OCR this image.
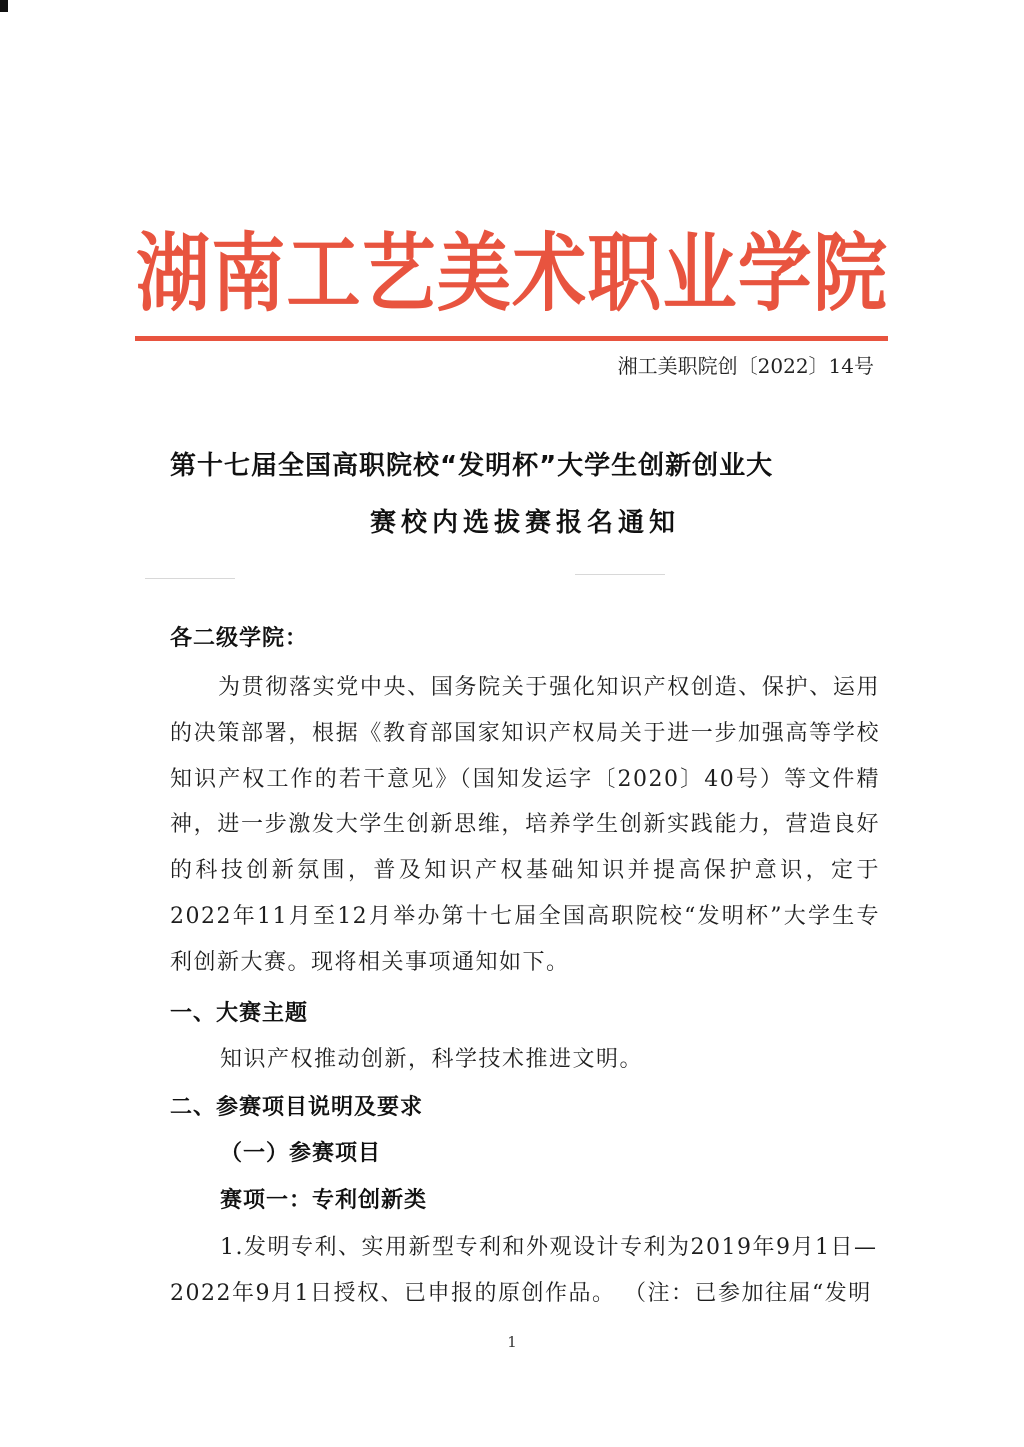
湖南工艺美术职业学院
湘工美职院创〔2022〕14号
第十七届全国高职院校“发明杯”大学生创新创业大
赛校内选拔赛报名通知
各二级学院：
为贯彻落实党中央、国务院关于强化知识产权创造、保护、运用的决策部署，根据《教育部国家知识产权局关于进一步加强高等学校知识产权工作的若干意见》（国知发运字〔2020〕40号）等文件精神，进一步激发大学生创新思维，培养学生创新实践能力，营造良好的科技创新氛围，普及知识产权基础知识并提高保护意识，定于2022年11月至12月举办第十七届全国高职院校“发明杯”大学生专利创新大赛。现将相关事项通知如下。
一、大赛主题
知识产权推动创新，科学技术推进文明。
二、参赛项目说明及要求
（一）参赛项目
赛项一：专利创新类
1.发明专利、实用新型专利和外观设计专利为2019年9月1日—
2022年9月1日授权、已申报的原创作品。 （注：已参加往届“发明
1
